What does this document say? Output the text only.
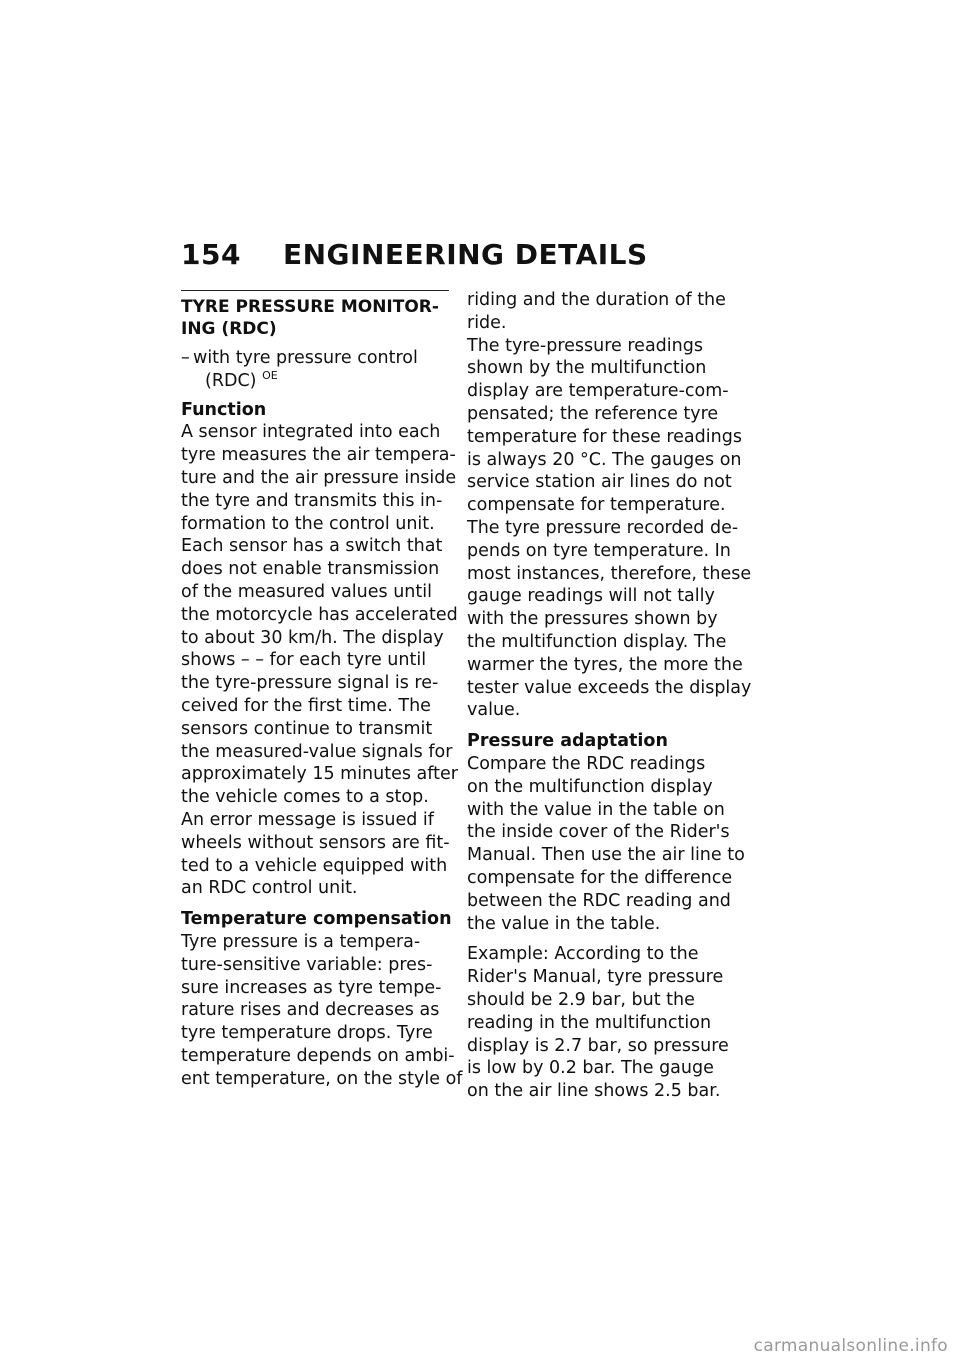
154 ENGINEERING DETAILS
TYRE PRESSURE MONITOR-
ING (RDC)
– with tyre pressure control
(RDC) $^{OE}$
Function
A sensor integrated into each
tyre measures the air tempera-
ture and the air pressure inside
the tyre and transmits this in-
formation to the control unit.
Each sensor has a switch that
does not enable transmission
of the measured values until
the motorcycle has accelerated
to about 30 km/h. The display
shows – – for each tyre until
the tyre-pressure signal is re-
ceived for the first time. The
sensors continue to transmit
the measured-value signals for
approximately 15 minutes after
the vehicle comes to a stop.
An error message is issued if
wheels without sensors are fit-
ted to a vehicle equipped with
an RDC control unit.
Temperature compensation
Tyre pressure is a tempera-
ture-sensitive variable: pres-
sure increases as tyre tempe-
rature rises and decreases as
tyre temperature drops. Tyre
temperature depends on ambi-
ent temperature, on the style of
riding and the duration of the
ride.
The tyre-pressure readings
shown by the multifunction
display are temperature-com-
pensated; the reference tyre
temperature for these readings
is always 20 °C. The gauges on
service station air lines do not
compensate for temperature.
The tyre pressure recorded de-
pends on tyre temperature. In
most instances, therefore, these
gauge readings will not tally
with the pressures shown by
the multifunction display. The
warmer the tyres, the more the
tester value exceeds the display
value.
Pressure adaptation
Compare the RDC readings
on the multifunction display
with the value in the table on
the inside cover of the Rider's
Manual. Then use the air line to
compensate for the difference
between the RDC reading and
the value in the table.
Example: According to the
Rider's Manual, tyre pressure
should be 2.9 bar, but the
reading in the multifunction
display is 2.7 bar, so pressure
is low by 0.2 bar. The gauge
on the air line shows 2.5 bar.
carmanualsonline.info
